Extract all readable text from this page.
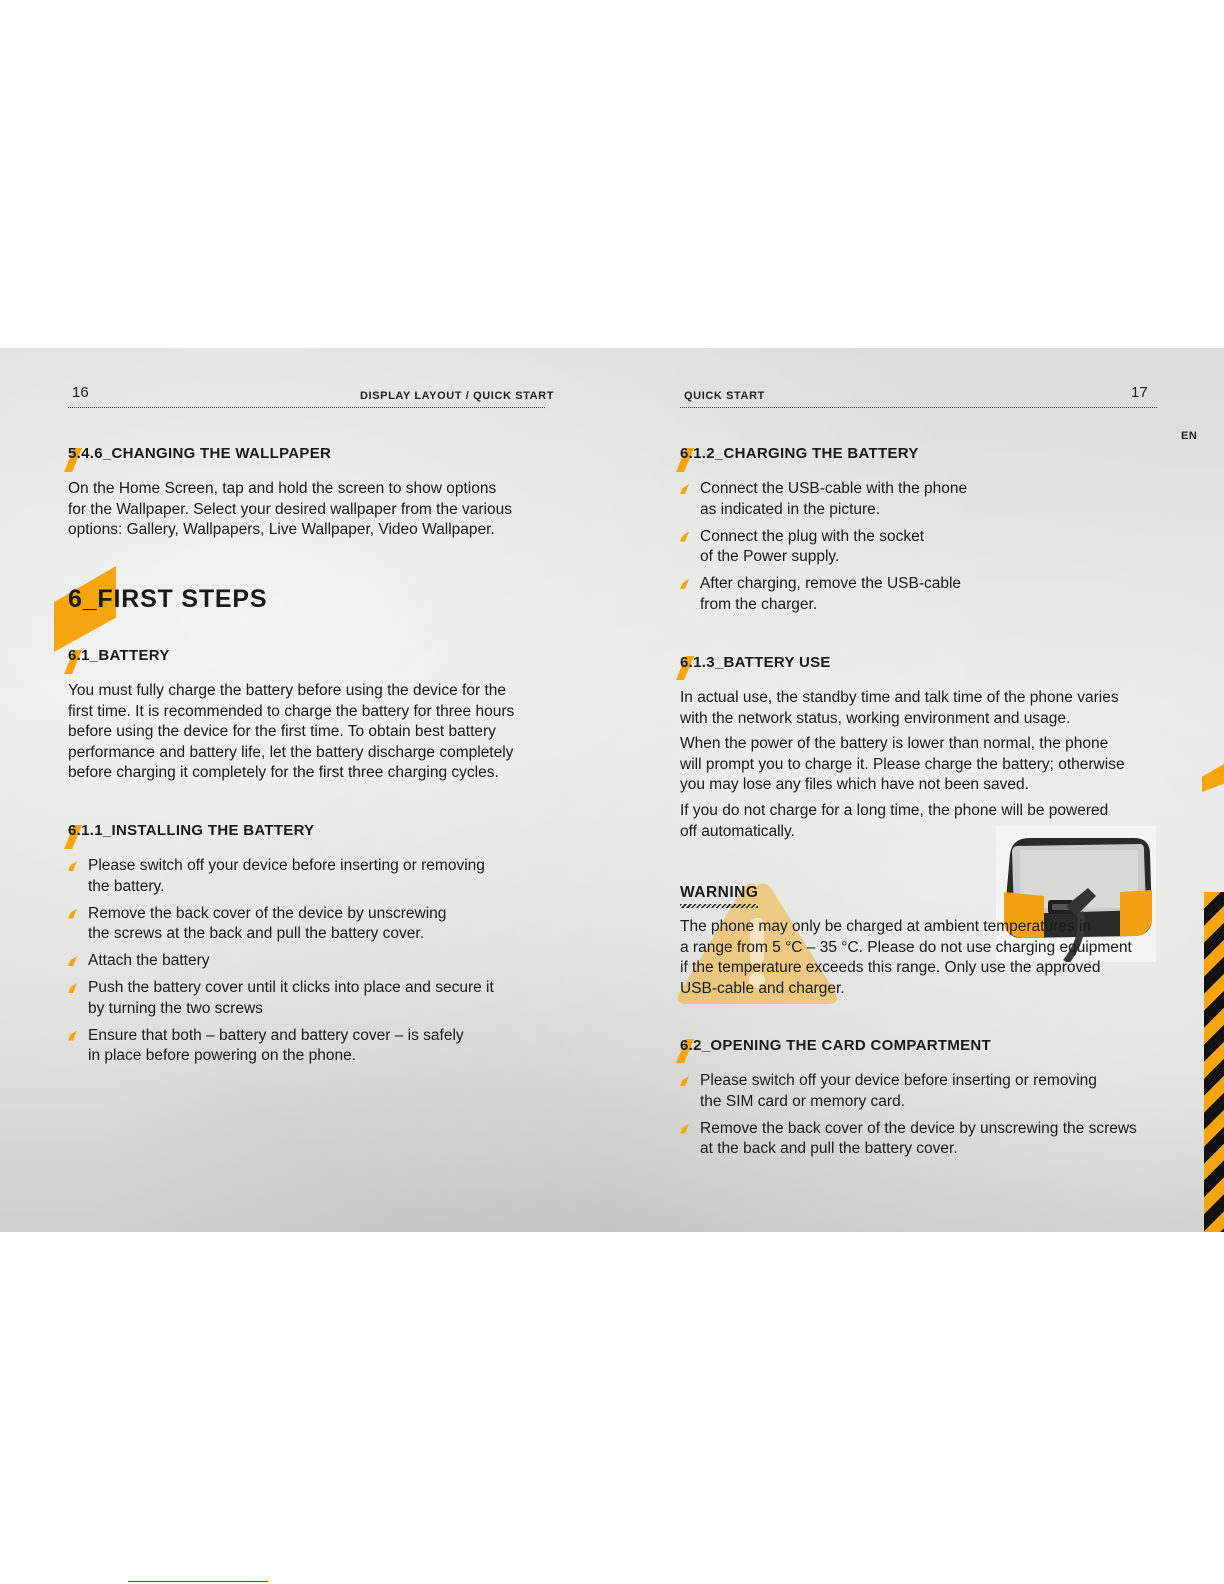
16	DISPLAY LAYOUT / QUICK START
5.4.6_CHANGING THE WALLPAPER
On the Home Screen, tap and hold the screen to show options
for the Wallpaper. Select your desired wallpaper from the various
options: Gallery, Wallpapers, Live Wallpaper, Video Wallpaper.
6_FIRST STEPS
6.1_BATTERY
You must fully charge the battery before using the device for the
first time. It is recommended to charge the battery for three hours
before using the device for the first time. To obtain best battery
performance and battery life, let the battery discharge completely
before charging it completely for the first three charging cycles.
6.1.1_INSTALLING THE BATTERY
Please switch off your device before inserting or removing
the battery.
Remove the back cover of the device by unscrewing
the screws at the back and pull the battery cover.
Attach the battery
Push the battery cover until it clicks into place and secure it
by turning the two screws
Ensure that both – battery and battery cover – is safely
in place before powering on the phone.
QUICK START	17
EN
6.1.2_CHARGING THE BATTERY
Connect the USB-cable with the phone
as indicated in the picture.
Connect the plug with the socket
of the Power supply.
After charging, remove the USB-cable
from the charger.
6.1.3_BATTERY USE
In actual use, the standby time and talk time of the phone varies
with the network status, working environment and usage.
When the power of the battery is lower than normal, the phone
will prompt you to charge it. Please charge the battery; otherwise
you may lose any files which have not been saved.
If you do not charge for a long time, the phone will be powered
off automatically.
WARNING
The phone may only be charged at ambient temperatures in
a range from 5 °C – 35 °C. Please do not use charging equipment
if the temperature exceeds this range. Only use the approved
USB-cable and charger.
6.2_OPENING THE CARD COMPARTMENT
Please switch off your device before inserting or removing
the SIM card or memory card.
Remove the back cover of the device by unscrewing the screws
at the back and pull the battery cover.
